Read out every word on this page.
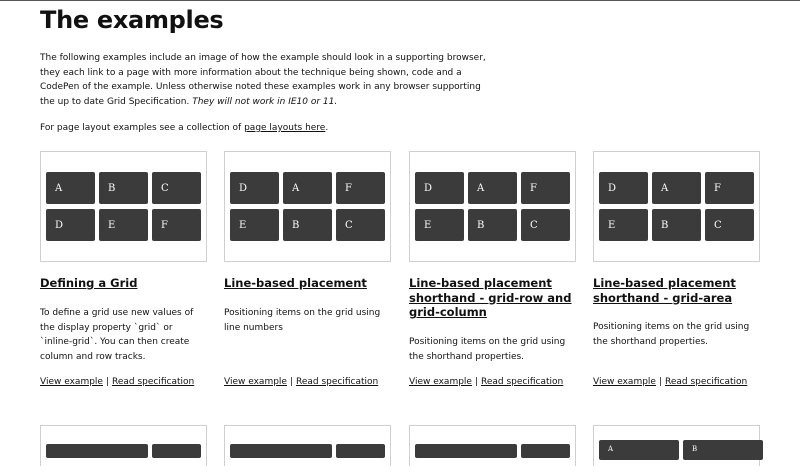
The examples

The following examples include an image of how the example should look in a supporting browser, they each link to a page with more information about the technique being shown, code and a CodePen of the example. Unless otherwise noted these examples work in any browser supporting the up to date Grid Specification. They will not work in IE10 or 11.

For page layout examples see a collection of page layouts here.

A	B	C
D	E	F
Defining a Grid

To define a grid use new values of the display property `grid` or `inline-grid`. You can then create column and row tracks.

View example | Read specification
D	A	F
E	B	C
Line-based placement

Positioning items on the grid using line numbers

View example | Read specification
D	A	F
E	B	C
Line-based placement shorthand - grid-row and grid-column

Positioning items on the grid using the shorthand properties.

View example | Read specification
D	A	F
E	B	C
Line-based placement shorthand - grid-area

Positioning items on the grid using the shorthand properties.

View example | Read specification
A	B
